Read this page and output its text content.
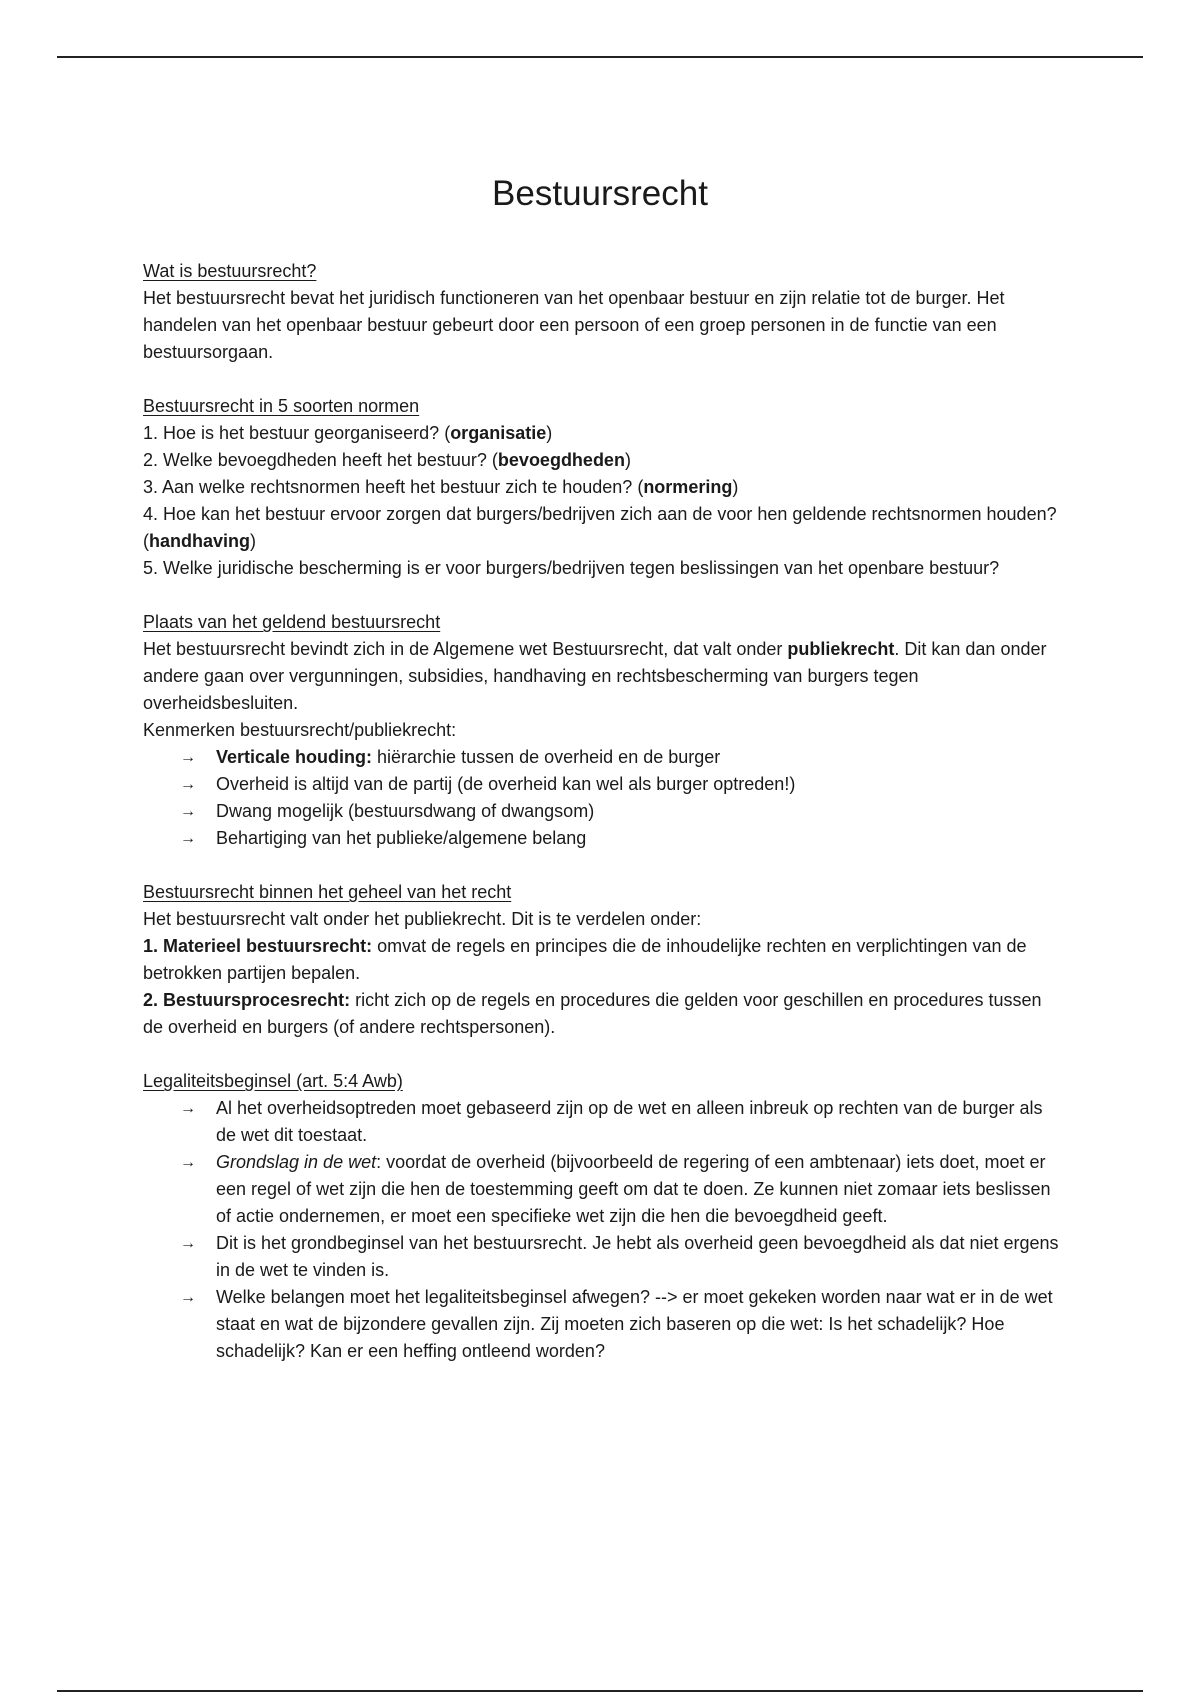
Bestuursrecht
Wat is bestuursrecht?

Het bestuursrecht bevat het juridisch functioneren van het openbaar bestuur en zijn relatie tot de burger. Het handelen van het openbaar bestuur gebeurt door een persoon of een groep personen in de functie van een bestuursorgaan.

Bestuursrecht in 5 soorten normen
1. Hoe is het bestuur georganiseerd? (organisatie)
2. Welke bevoegdheden heeft het bestuur? (bevoegdheden)
3. Aan welke rechtsnormen heeft het bestuur zich te houden? (normering)
4. Hoe kan het bestuur ervoor zorgen dat burgers/bedrijven zich aan de voor hen geldende rechtsnormen houden? (handhaving)
5. Welke juridische bescherming is er voor burgers/bedrijven tegen beslissingen van het openbare bestuur?
Plaats van het geldend bestuursrecht

Het bestuursrecht bevindt zich in de Algemene wet Bestuursrecht, dat valt onder publiekrecht. Dit kan dan onder andere gaan over vergunningen, subsidies, handhaving en rechtsbescherming van burgers tegen overheidsbesluiten.

Kenmerken bestuursrecht/publiekrecht:

→ Verticale houding: hiërarchie tussen de overheid en de burger
→ Overheid is altijd van de partij (de overheid kan wel als burger optreden!)
→ Dwang mogelijk (bestuursdwang of dwangsom)
→ Behartiging van het publieke/algemene belang
Bestuursrecht binnen het geheel van het recht

Het bestuursrecht valt onder het publiekrecht. Dit is te verdelen onder:

1. Materieel bestuursrecht: omvat de regels en principes die de inhoudelijke rechten en verplichtingen van de betrokken partijen bepalen.

2. Bestuursprocesrecht: richt zich op de regels en procedures die gelden voor geschillen en procedures tussen de overheid en burgers (of andere rechtspersonen).

Legaliteitsbeginsel (art. 5:4 Awb)
→ Al het overheidsoptreden moet gebaseerd zijn op de wet en alleen inbreuk op rechten van de burger als de wet dit toestaat.
→ Grondslag in de wet: voordat de overheid (bijvoorbeeld de regering of een ambtenaar) iets doet, moet er een regel of wet zijn die hen de toestemming geeft om dat te doen. Ze kunnen niet zomaar iets beslissen of actie ondernemen, er moet een specifieke wet zijn die hen die bevoegdheid geeft.
→ Dit is het grondbeginsel van het bestuursrecht. Je hebt als overheid geen bevoegdheid als dat niet ergens in de wet te vinden is.
→ Welke belangen moet het legaliteitsbeginsel afwegen? --> er moet gekeken worden naar wat er in de wet staat en wat de bijzondere gevallen zijn. Zij moeten zich baseren op die wet: Is het schadelijk? Hoe schadelijk? Kan er een heffing ontleend worden?
